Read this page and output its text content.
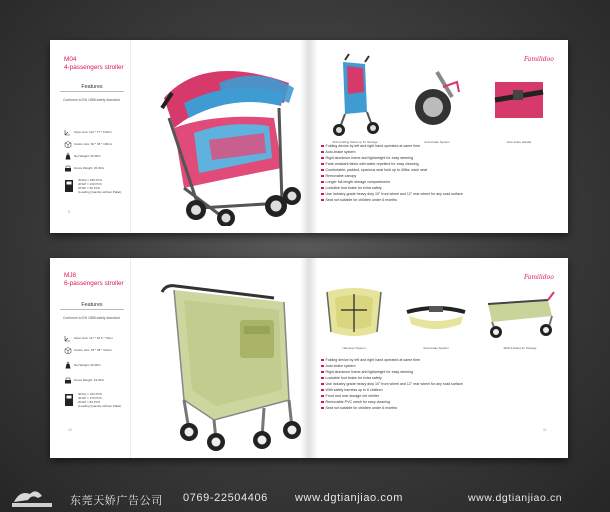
M04
4-passengers stroller
Features
Conforms to EN 1888 safety standard
Open size: 112 * 77 * 115cm
Carton size: 90 * 35 * 106cm
Net Weight: 25.0KG
Gross Weight: 26.0KG
40'HQ = 180 PCS
40'GP = 130 PCS
20'GP = 60 PCS
(Loading Quantity without Pallet)
9
Familidoo
With Folding Stand up for Storage	Auto-brake System	Auto-index Handle
Folding device by left and right hand operated at same time
Auto-brake system
Rigid aluminum frame and lightweight for easy steering
Fade-resistant fabric with water-repellent for easy cleaning
Comfortable, padded, spacious seat hold up to 40lbs. each seat
Removable canopy
Longer full-length storage compartments
Lockable foot brake for extra safety
Use industry grade heavy duty 10" front wheel and 12" rear wheel for any road surface
Seat not suitable for children under 6 months
MJ8
6-passengers stroller
Features
Conforms to EN 1888 safety standard
Open size: 117 * 62.5 * 79cm
Carton size: 78 * 38 * 112cm
Net Weight: 20.0KG
Gross Weight: 23.0KG
40'HQ = 224 PCS
40'GP = 175 PCS
20'GP = 84 PCS
(Loading Quantity without Pallet)
10
Familidoo
Hameres System	Auto-brake System	Multi-Folding for Storage
Folding device by left and right hand operated at same time
Auto-brake system
Rigid aluminum frame and lightweight for easy steering
Lockable foot brake for extra safety
Use industry grade heavy duty 10" front wheel and 12" rear wheel for any road surface
With safety harness up to 6 children
Front and rear storage net shelter
Removable PVC mesh for easy cleaning
Seat not suitable for children under 6 months
11
东莞天娇广告公司 0769-22504406 www.dgtianjiao.com	www.dgtianjiao.cn
